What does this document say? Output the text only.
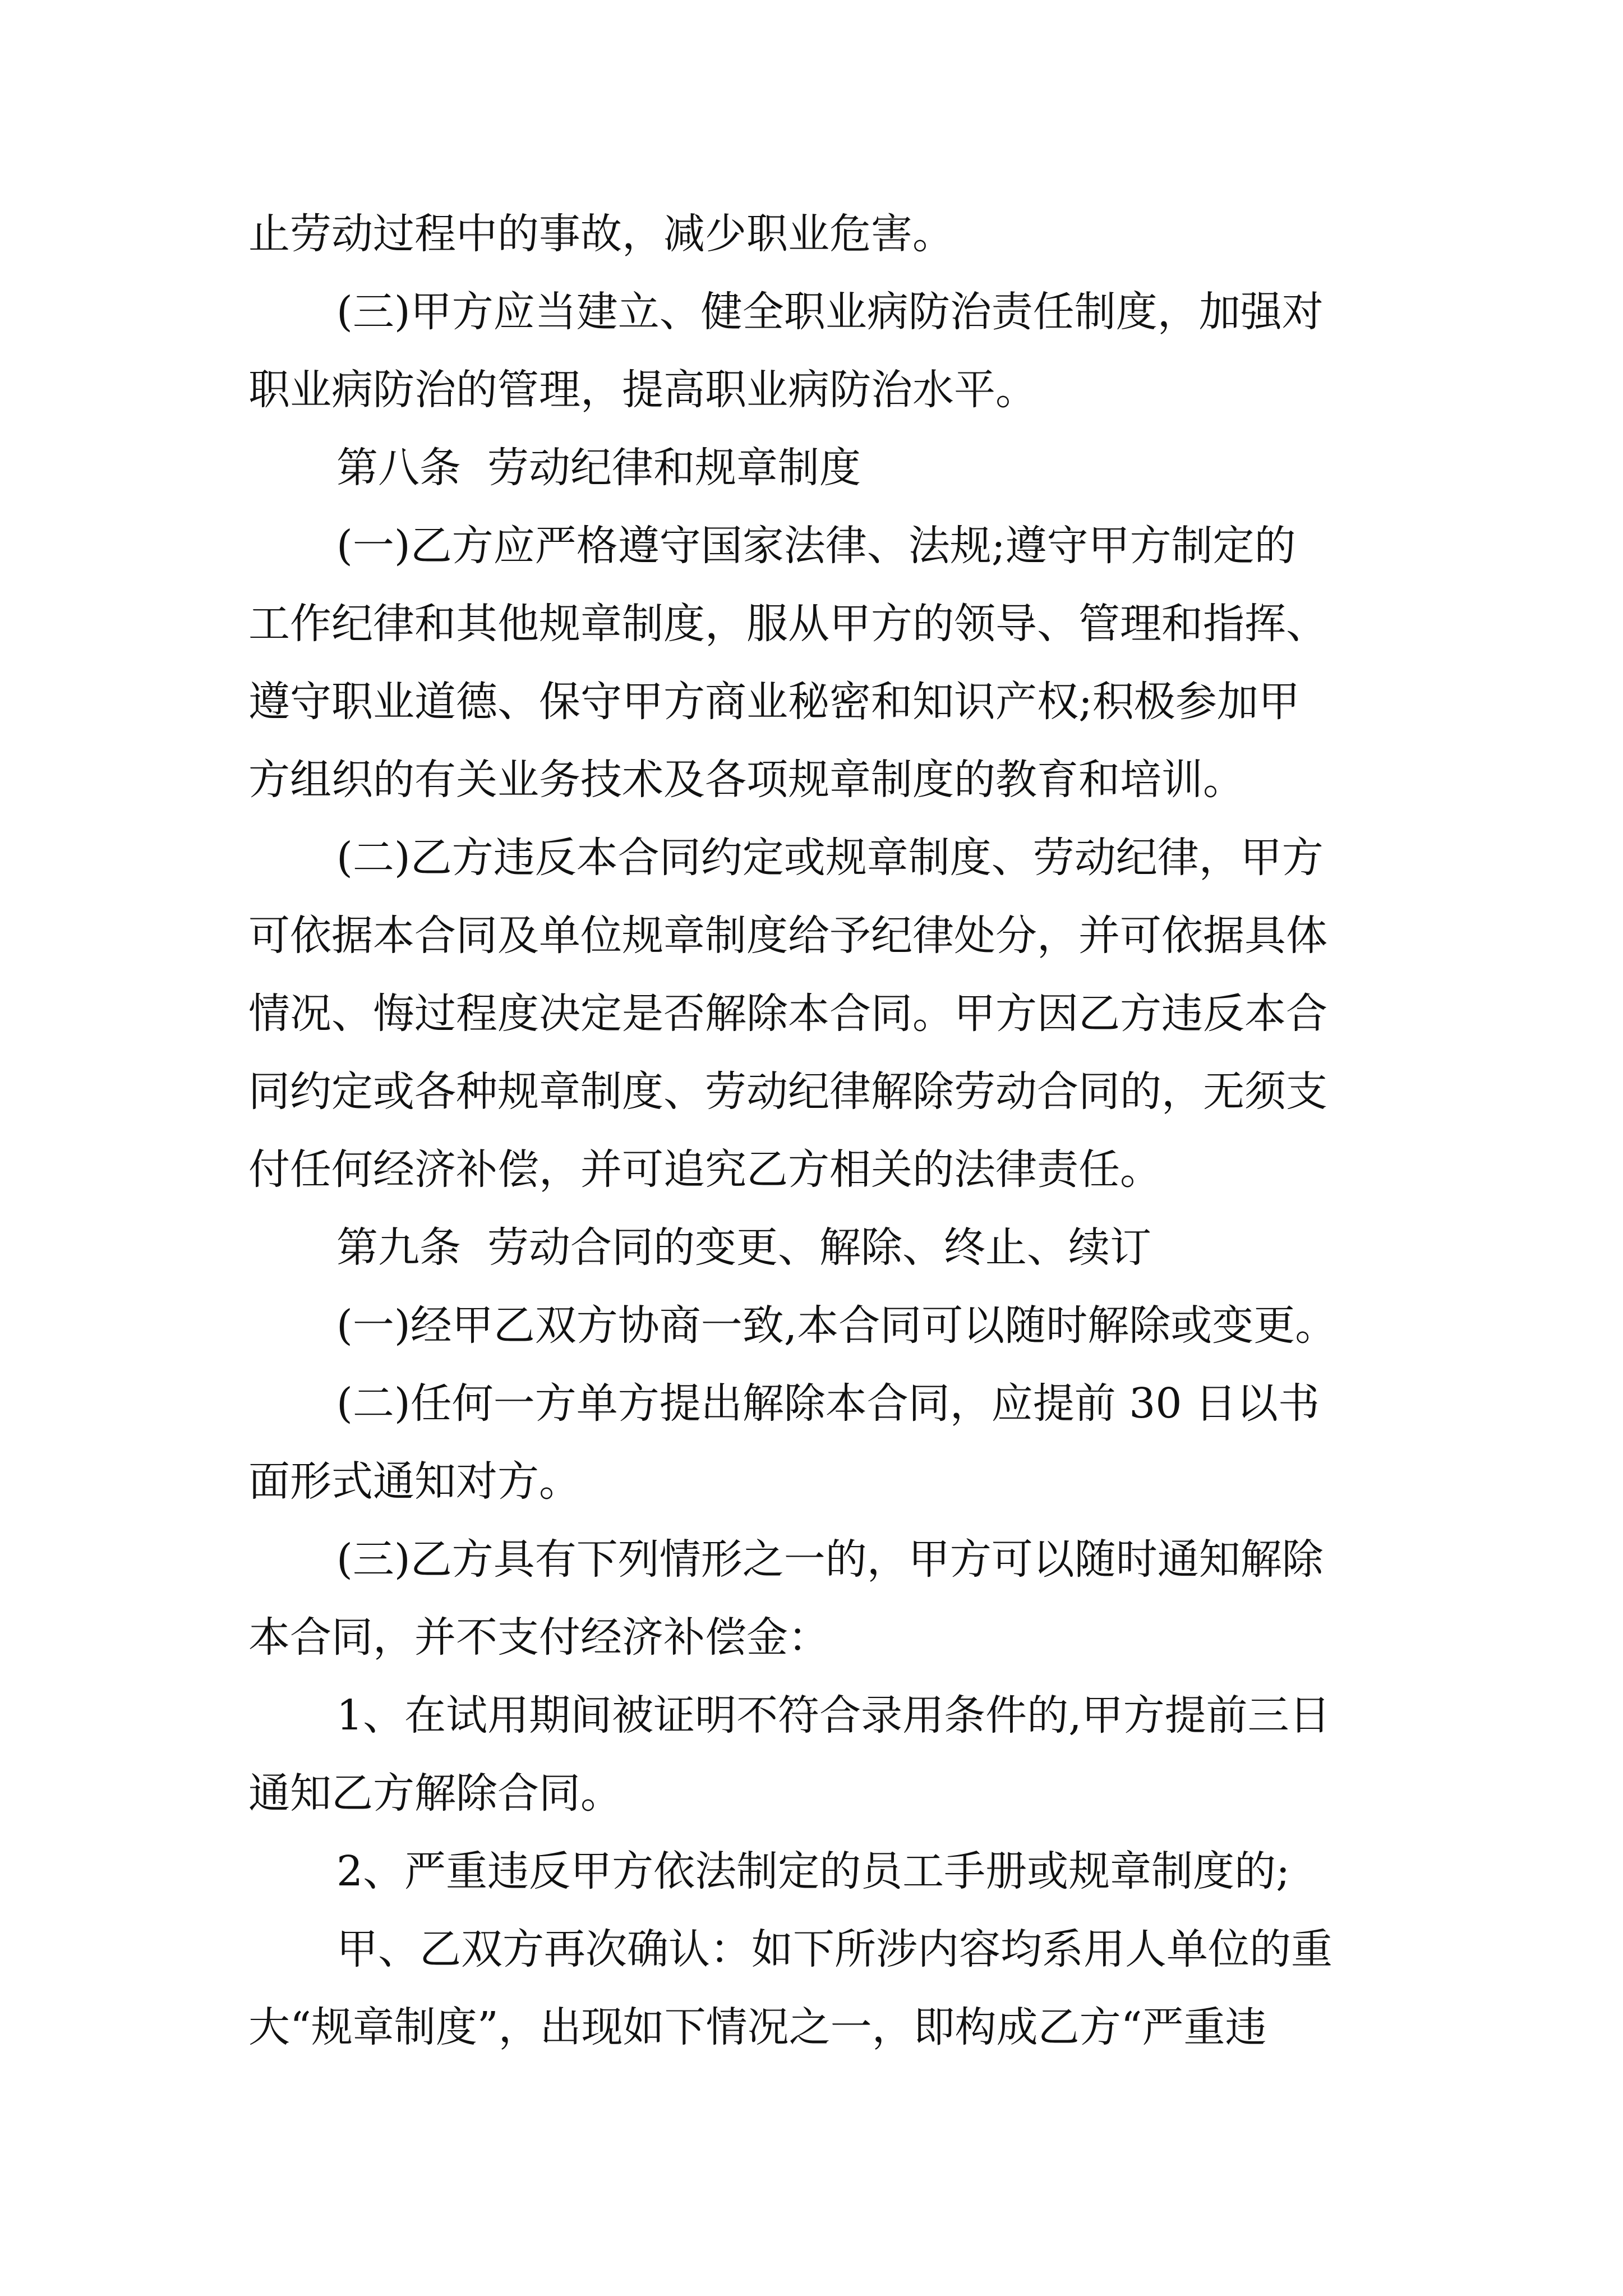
止劳动过程中的事故，减少职业危害。
(三)甲方应当建立、健全职业病防治责任制度，加强对
职业病防治的管理，提高职业病防治水平。
第八条  劳动纪律和规章制度
(一)乙方应严格遵守国家法律、法规;遵守甲方制定的
工作纪律和其他规章制度，服从甲方的领导、管理和指挥、
遵守职业道德、保守甲方商业秘密和知识产权;积极参加甲
方组织的有关业务技术及各项规章制度的教育和培训。
(二)乙方违反本合同约定或规章制度、劳动纪律，甲方
可依据本合同及单位规章制度给予纪律处分，并可依据具体
情况、悔过程度决定是否解除本合同。甲方因乙方违反本合
同约定或各种规章制度、劳动纪律解除劳动合同的，无须支
付任何经济补偿，并可追究乙方相关的法律责任。
第九条  劳动合同的变更、解除、终止、续订
(一)经甲乙双方协商一致,本合同可以随时解除或变更。
(二)任何一方单方提出解除本合同，应提前 30 日以书
面形式通知对方。
(三)乙方具有下列情形之一的，甲方可以随时通知解除
本合同，并不支付经济补偿金：
1、在试用期间被证明不符合录用条件的,甲方提前三日
通知乙方解除合同。
2、严重违反甲方依法制定的员工手册或规章制度的;
甲、乙双方再次确认：如下所涉内容均系用人单位的重
大“规章制度”，出现如下情况之一，即构成乙方“严重违
